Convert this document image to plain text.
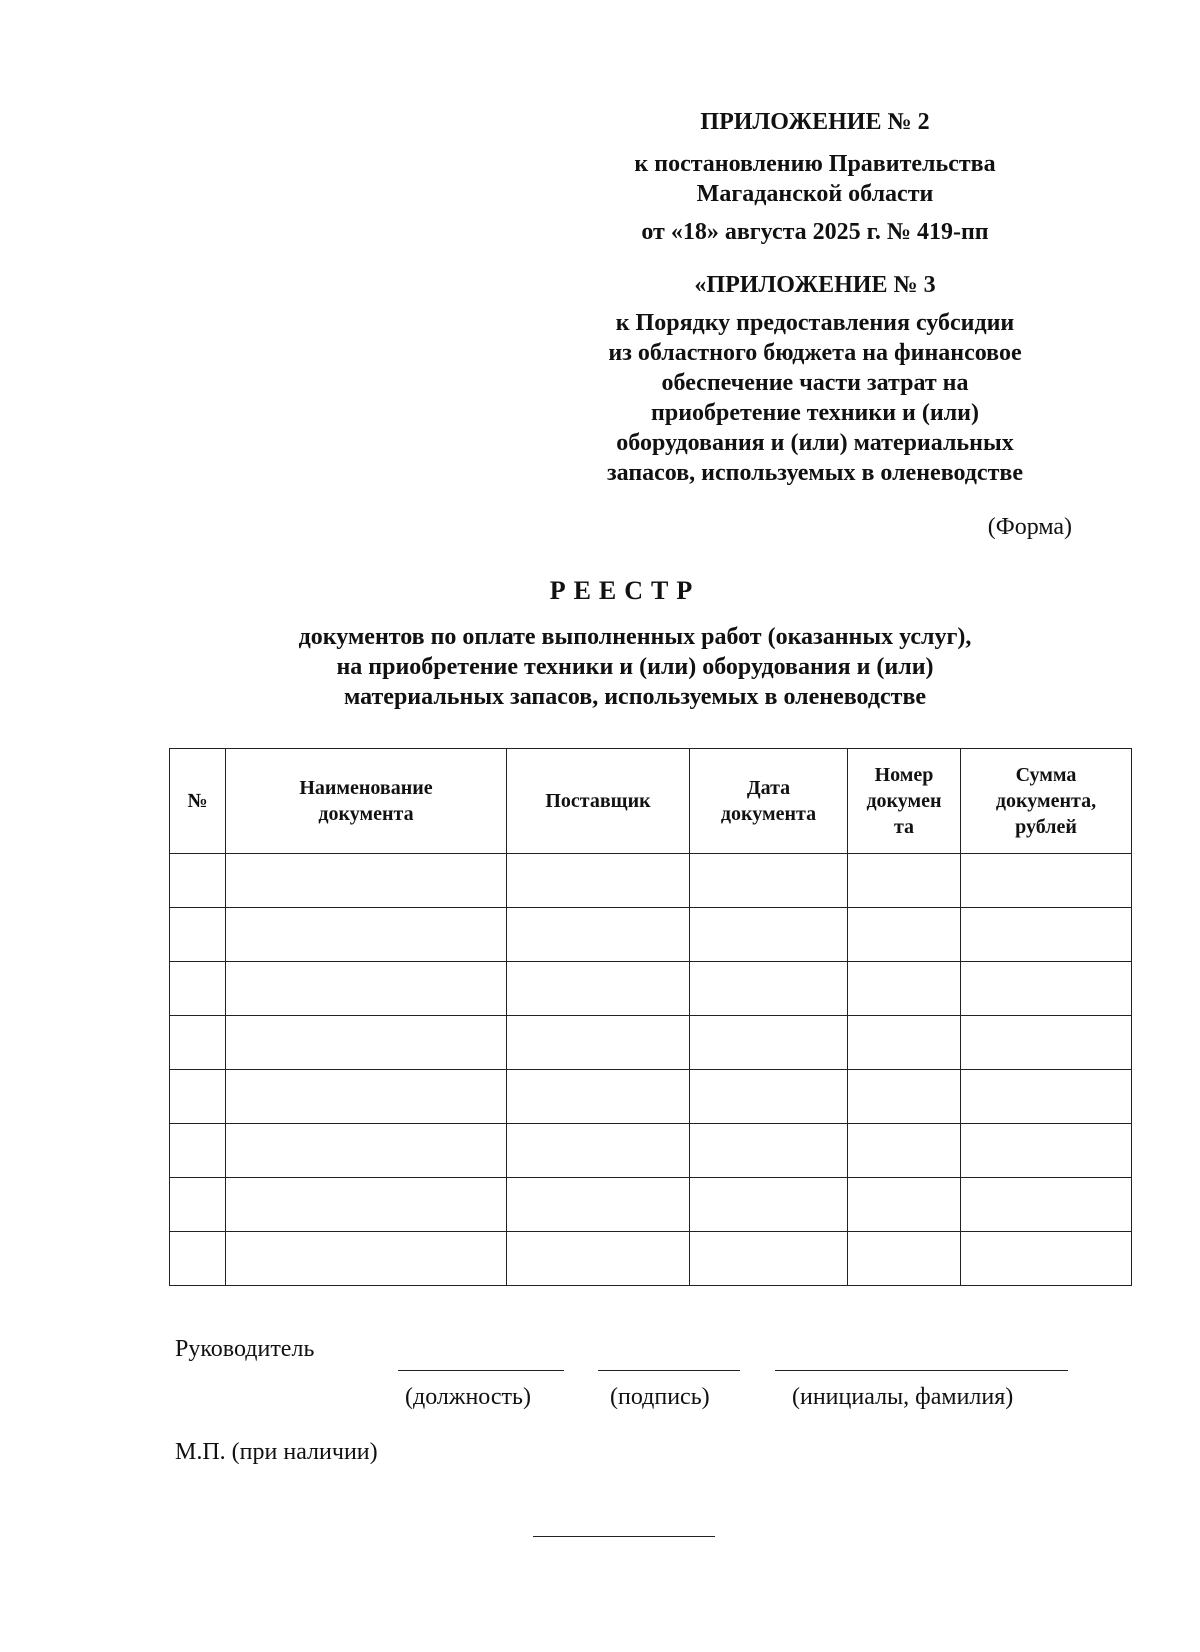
ПРИЛОЖЕНИЕ № 2
к постановлению Правительства
Магаданской области
от «18» августа 2025 г. № 419-пп
«ПРИЛОЖЕНИЕ № 3
к Порядку предоставления субсидии
из областного бюджета на финансовое
обеспечение части затрат на
приобретение техники и (или)
оборудования и (или) материальных
запасов, используемых в оленеводстве
(Форма)
РЕЕСТР
документов по оплате выполненных работ (оказанных услуг),
на приобретение техники и (или) оборудования и (или)
материальных запасов, используемых в оленеводстве
№	Наименование документа	Поставщик	Дата документа	Номер докумен та	Сумма документа, рублей

Руководитель
(должность)	(подпись)	(инициалы, фамилия)
М.П. (при наличии)
